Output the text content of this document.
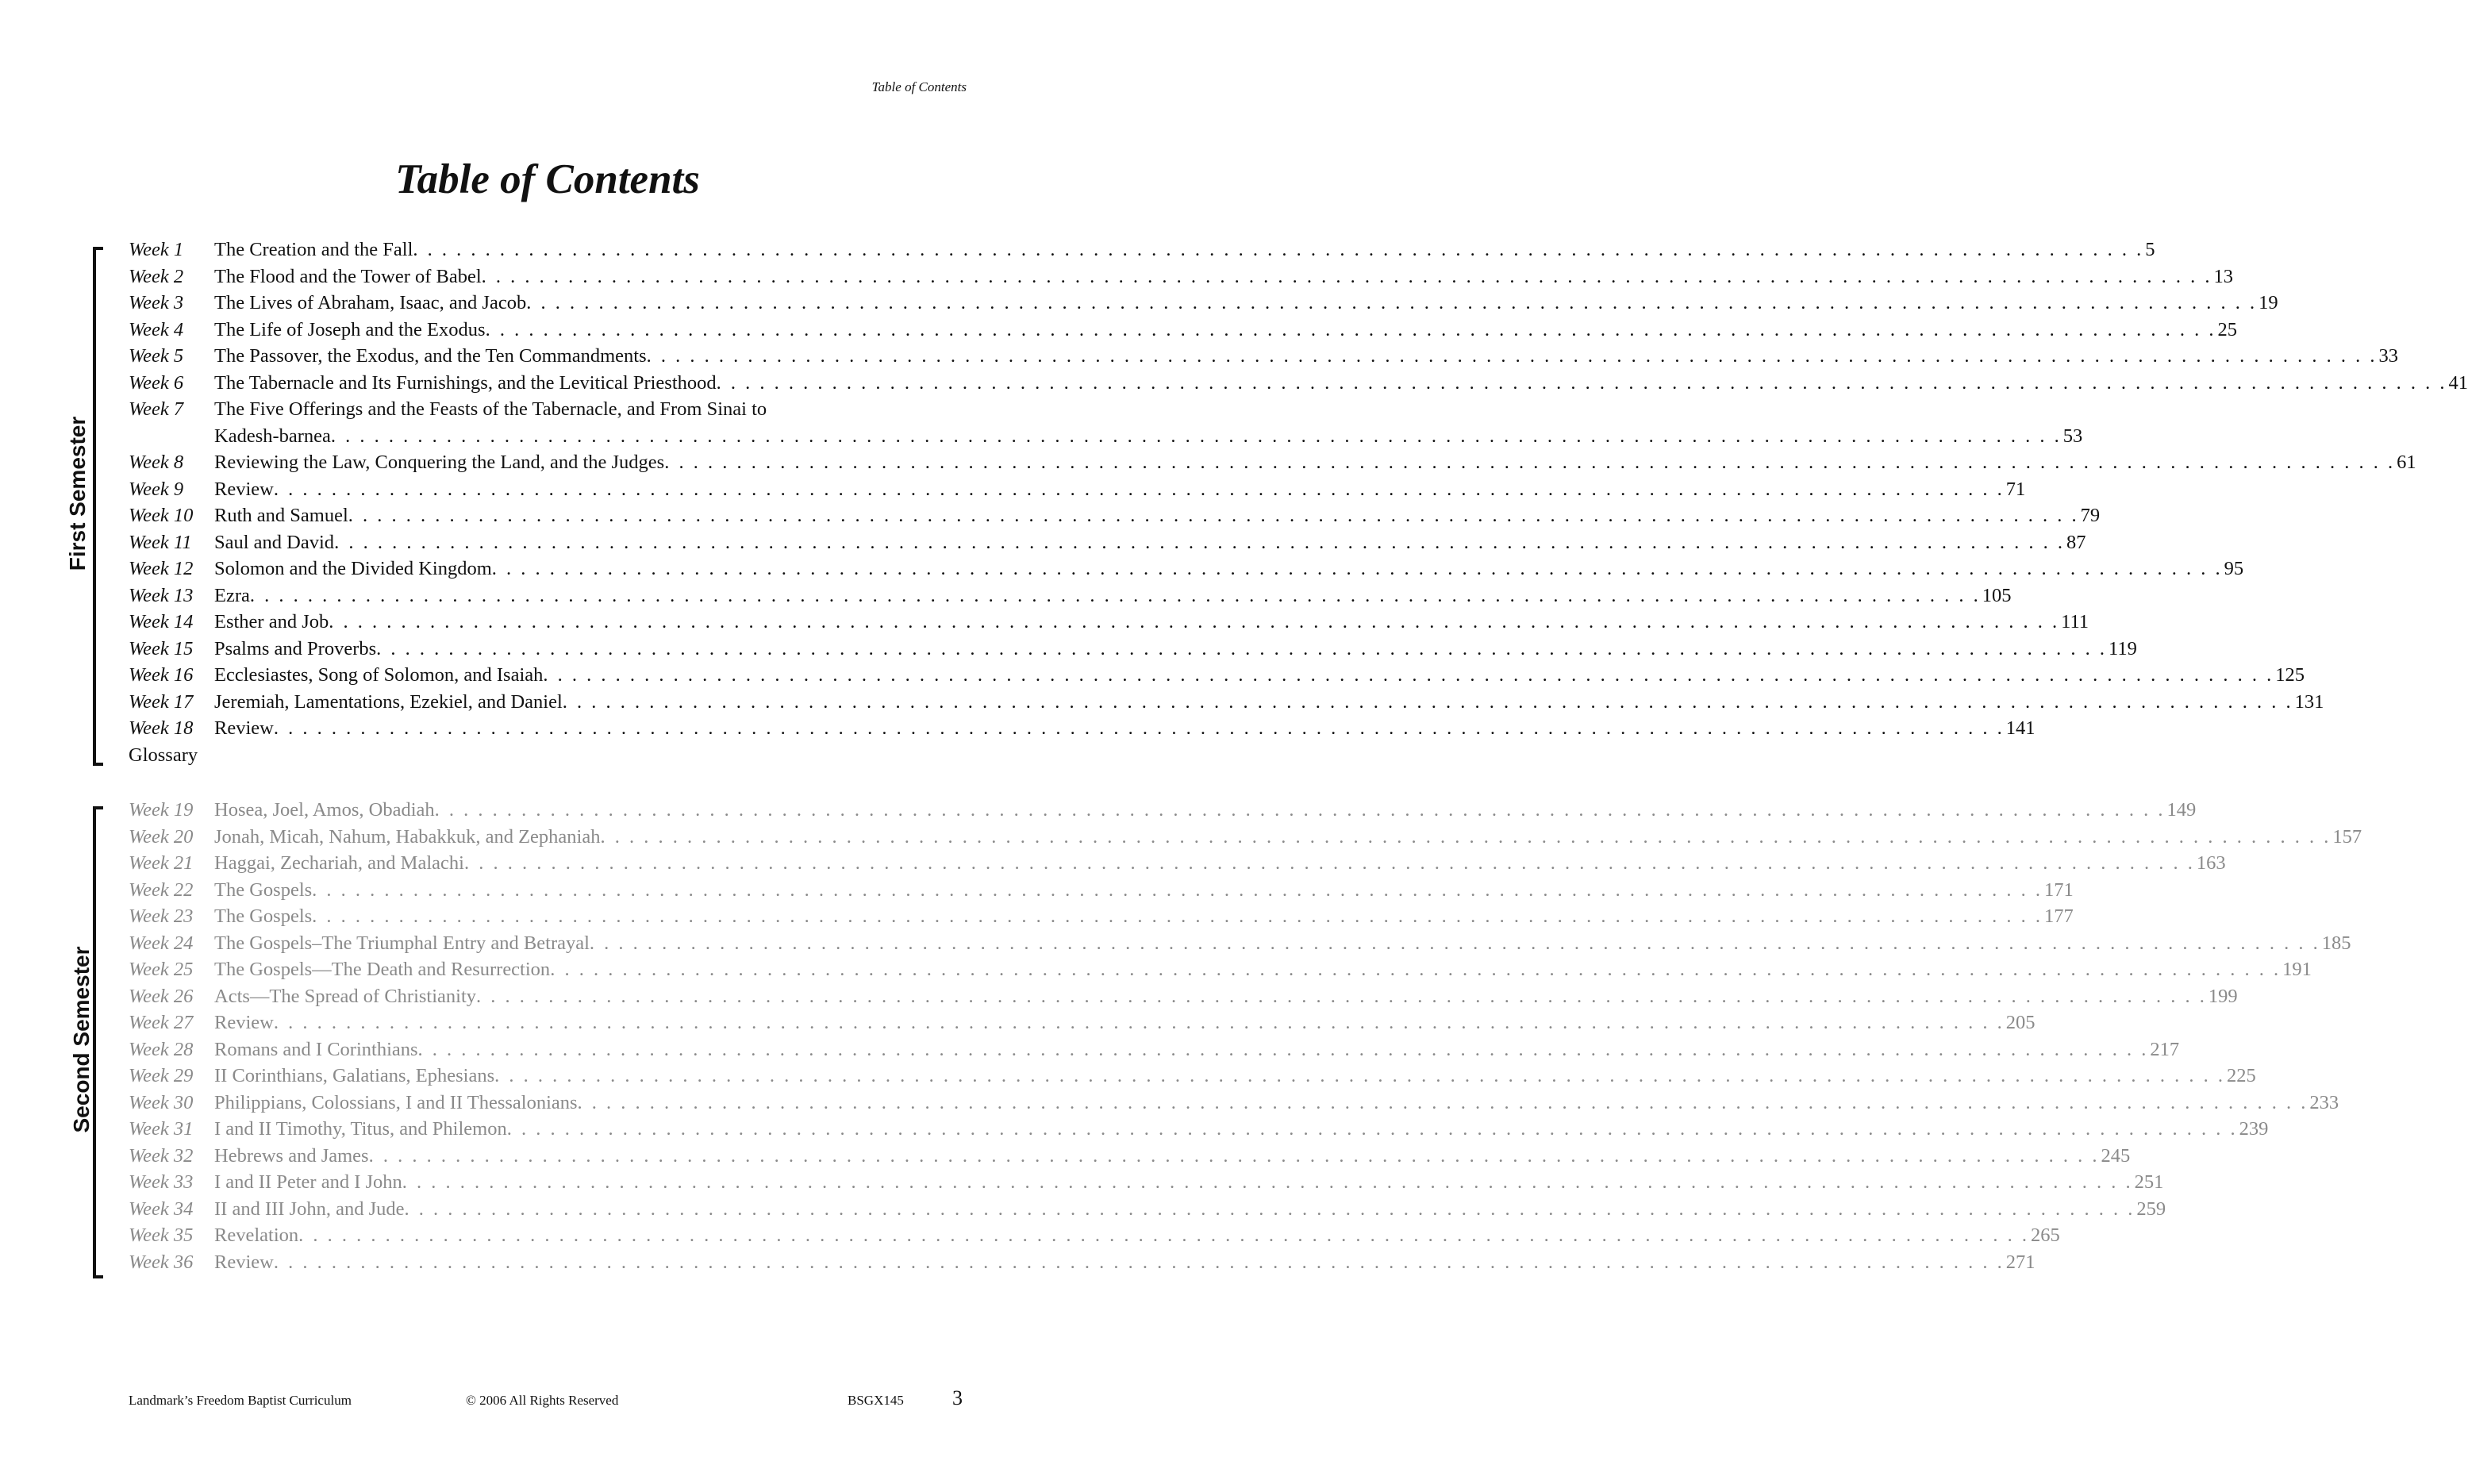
Table of Contents
Table of Contents
First Semester
Week 1 The Creation and the Fall . . . . . . . . . . . . . . . . . . . . . . . . . . . . . . . . . . . . . . . . . . . . . . . . . . . . . . . . . . . . . . . . . . . . . . . . . . . . . . . . . . . . . . . . . . . . . . . . . . . . . . . . . . . . . . . . . . . . . . . . 5
Week 2 The Flood and the Tower of Babel . . . . . . . . . . . . . . . . . . . . . . . . . . . . . . . . . . . . . . . . . . . . . . . . . . . . . . . . . . . . . . . . . . . . . . . . . . . . . . . . . . . . . . . . . . . . . . . . . . . . . . . . . . . . . . . . . . . . . . . . 13
Week 3 The Lives of Abraham, Isaac, and Jacob . . . . . . . . . . . . . . . . . . . . . . . . . . . . . . . . . . . . . . . . . . . . . . . . . . . . . . . . . . . . . . . . . . . . . . . . . . . . . . . . . . . . . . . . . . . . . . . . . . . . . . . . . . . . . . . . . . . . . . . . 19
Week 4 The Life of Joseph and the Exodus . . . . . . . . . . . . . . . . . . . . . . . . . . . . . . . . . . . . . . . . . . . . . . . . . . . . . . . . . . . . . . . . . . . . . . . . . . . . . . . . . . . . . . . . . . . . . . . . . . . . . . . . . . . . . . . . . . . . . . . . 25
Week 5 The Passover, the Exodus, and the Ten Commandments . . . . . . . . . . . . . . . . . . . . . . . . . . . . . . . . . . . . . . . . . . . . . . . . . . . . . . . . . . . . . . . . . . . . . . . . . . . . . . . . . . . . . . . . . . . . . . . . . . . . . . . . . . . . . . . . . . . . . . . . 33
Week 6 The Tabernacle and Its Furnishings, and the Levitical Priesthood . . . . . . . . . . . . . . . . . . . . . . . . . . . . . . . . . . . . . . . . . . . . . . . . . . . . . . . . . . . . . . . . . . . . . . . . . . . . . . . . . . . . . . . . . . . . . . . . . . . . . . . . . . . . . . . . . . . . . . . . 41
Week 7 The Five Offerings and the Feasts of the Tabernacle, and From Sinai to
Kadesh-barnea . . . . . . . . . . . . . . . . . . . . . . . . . . . . . . . . . . . . . . . . . . . . . . . . . . . . . . . . . . . . . . . . . . . . . . . . . . . . . . . . . . . . . . . . . . . . . . . . . . . . . . . . . . . . . . . . . . . . . . . . 53
Week 8 Reviewing the Law, Conquering the Land, and the Judges . . . . . . . . . . . . . . . . . . . . . . . . . . . . . . . . . . . . . . . . . . . . . . . . . . . . . . . . . . . . . . . . . . . . . . . . . . . . . . . . . . . . . . . . . . . . . . . . . . . . . . . . . . . . . . . . . . . . . . . . 61
Week 9 Review . . . . . . . . . . . . . . . . . . . . . . . . . . . . . . . . . . . . . . . . . . . . . . . . . . . . . . . . . . . . . . . . . . . . . . . . . . . . . . . . . . . . . . . . . . . . . . . . . . . . . . . . . . . . . . . . . . . . . . . . 71
Week 10 Ruth and Samuel . . . . . . . . . . . . . . . . . . . . . . . . . . . . . . . . . . . . . . . . . . . . . . . . . . . . . . . . . . . . . . . . . . . . . . . . . . . . . . . . . . . . . . . . . . . . . . . . . . . . . . . . . . . . . . . . . . . . . . . . 79
Week 11 Saul and David . . . . . . . . . . . . . . . . . . . . . . . . . . . . . . . . . . . . . . . . . . . . . . . . . . . . . . . . . . . . . . . . . . . . . . . . . . . . . . . . . . . . . . . . . . . . . . . . . . . . . . . . . . . . . . . . . . . . . . . . 87
Week 12 Solomon and the Divided Kingdom . . . . . . . . . . . . . . . . . . . . . . . . . . . . . . . . . . . . . . . . . . . . . . . . . . . . . . . . . . . . . . . . . . . . . . . . . . . . . . . . . . . . . . . . . . . . . . . . . . . . . . . . . . . . . . . . . . . . . . . . 95
Week 13 Ezra . . . . . . . . . . . . . . . . . . . . . . . . . . . . . . . . . . . . . . . . . . . . . . . . . . . . . . . . . . . . . . . . . . . . . . . . . . . . . . . . . . . . . . . . . . . . . . . . . . . . . . . . . . . . . . . . . . . . . . . . 105
Week 14 Esther and Job . . . . . . . . . . . . . . . . . . . . . . . . . . . . . . . . . . . . . . . . . . . . . . . . . . . . . . . . . . . . . . . . . . . . . . . . . . . . . . . . . . . . . . . . . . . . . . . . . . . . . . . . . . . . . . . . . . . . . . . . 111
Week 15 Psalms and Proverbs . . . . . . . . . . . . . . . . . . . . . . . . . . . . . . . . . . . . . . . . . . . . . . . . . . . . . . . . . . . . . . . . . . . . . . . . . . . . . . . . . . . . . . . . . . . . . . . . . . . . . . . . . . . . . . . . . . . . . . . . 119
Week 16 Ecclesiastes, Song of Solomon, and Isaiah . . . . . . . . . . . . . . . . . . . . . . . . . . . . . . . . . . . . . . . . . . . . . . . . . . . . . . . . . . . . . . . . . . . . . . . . . . . . . . . . . . . . . . . . . . . . . . . . . . . . . . . . . . . . . . . . . . . . . . . . 125
Week 17 Jeremiah, Lamentations, Ezekiel, and Daniel . . . . . . . . . . . . . . . . . . . . . . . . . . . . . . . . . . . . . . . . . . . . . . . . . . . . . . . . . . . . . . . . . . . . . . . . . . . . . . . . . . . . . . . . . . . . . . . . . . . . . . . . . . . . . . . . . . . . . . . . 131
Week 18 Review . . . . . . . . . . . . . . . . . . . . . . . . . . . . . . . . . . . . . . . . . . . . . . . . . . . . . . . . . . . . . . . . . . . . . . . . . . . . . . . . . . . . . . . . . . . . . . . . . . . . . . . . . . . . . . . . . . . . . . . . 141
Glossary
Second Semester
Week 19 Hosea, Joel, Amos, Obadiah . . . . . . . . . . . . . . . . . . . . . . . . . . . . . . . . . . . . . . . . . . . . . . . . . . . . . . . . . . . . . . . . . . . . . . . . . . . . . . . . . . . . . . . . . . . . . . . . . . . . . . . . . . . . . . . . . . . . . . . . 149
Week 20 Jonah, Micah, Nahum, Habakkuk, and Zephaniah . . . . . . . . . . . . . . . . . . . . . . . . . . . . . . . . . . . . . . . . . . . . . . . . . . . . . . . . . . . . . . . . . . . . . . . . . . . . . . . . . . . . . . . . . . . . . . . . . . . . . . . . . . . . . . . . . . . . . . . . 157
Week 21 Haggai, Zechariah, and Malachi . . . . . . . . . . . . . . . . . . . . . . . . . . . . . . . . . . . . . . . . . . . . . . . . . . . . . . . . . . . . . . . . . . . . . . . . . . . . . . . . . . . . . . . . . . . . . . . . . . . . . . . . . . . . . . . . . . . . . . . . 163
Week 22 The Gospels . . . . . . . . . . . . . . . . . . . . . . . . . . . . . . . . . . . . . . . . . . . . . . . . . . . . . . . . . . . . . . . . . . . . . . . . . . . . . . . . . . . . . . . . . . . . . . . . . . . . . . . . . . . . . . . . . . . . . . . . 171
Week 23 The Gospels . . . . . . . . . . . . . . . . . . . . . . . . . . . . . . . . . . . . . . . . . . . . . . . . . . . . . . . . . . . . . . . . . . . . . . . . . . . . . . . . . . . . . . . . . . . . . . . . . . . . . . . . . . . . . . . . . . . . . . . . 177
Week 24 The Gospels–The Triumphal Entry and Betrayal . . . . . . . . . . . . . . . . . . . . . . . . . . . . . . . . . . . . . . . . . . . . . . . . . . . . . . . . . . . . . . . . . . . . . . . . . . . . . . . . . . . . . . . . . . . . . . . . . . . . . . . . . . . . . . . . . . . . . . . . 185
Week 25 The Gospels—The Death and Resurrection . . . . . . . . . . . . . . . . . . . . . . . . . . . . . . . . . . . . . . . . . . . . . . . . . . . . . . . . . . . . . . . . . . . . . . . . . . . . . . . . . . . . . . . . . . . . . . . . . . . . . . . . . . . . . . . . . . . . . . . . 191
Week 26 Acts—The Spread of Christianity . . . . . . . . . . . . . . . . . . . . . . . . . . . . . . . . . . . . . . . . . . . . . . . . . . . . . . . . . . . . . . . . . . . . . . . . . . . . . . . . . . . . . . . . . . . . . . . . . . . . . . . . . . . . . . . . . . . . . . . . 199
Week 27 Review . . . . . . . . . . . . . . . . . . . . . . . . . . . . . . . . . . . . . . . . . . . . . . . . . . . . . . . . . . . . . . . . . . . . . . . . . . . . . . . . . . . . . . . . . . . . . . . . . . . . . . . . . . . . . . . . . . . . . . . . 205
Week 28 Romans and I Corinthians . . . . . . . . . . . . . . . . . . . . . . . . . . . . . . . . . . . . . . . . . . . . . . . . . . . . . . . . . . . . . . . . . . . . . . . . . . . . . . . . . . . . . . . . . . . . . . . . . . . . . . . . . . . . . . . . . . . . . . . . 217
Week 29 II Corinthians, Galatians, Ephesians . . . . . . . . . . . . . . . . . . . . . . . . . . . . . . . . . . . . . . . . . . . . . . . . . . . . . . . . . . . . . . . . . . . . . . . . . . . . . . . . . . . . . . . . . . . . . . . . . . . . . . . . . . . . . . . . . . . . . . . . 225
Week 30 Philippians, Colossians, I and II Thessalonians . . . . . . . . . . . . . . . . . . . . . . . . . . . . . . . . . . . . . . . . . . . . . . . . . . . . . . . . . . . . . . . . . . . . . . . . . . . . . . . . . . . . . . . . . . . . . . . . . . . . . . . . . . . . . . . . . . . . . . . . 233
Week 31 I and II Timothy, Titus, and Philemon . . . . . . . . . . . . . . . . . . . . . . . . . . . . . . . . . . . . . . . . . . . . . . . . . . . . . . . . . . . . . . . . . . . . . . . . . . . . . . . . . . . . . . . . . . . . . . . . . . . . . . . . . . . . . . . . . . . . . . . . 239
Week 32 Hebrews and James . . . . . . . . . . . . . . . . . . . . . . . . . . . . . . . . . . . . . . . . . . . . . . . . . . . . . . . . . . . . . . . . . . . . . . . . . . . . . . . . . . . . . . . . . . . . . . . . . . . . . . . . . . . . . . . . . . . . . . . . 245
Week 33 I and II Peter and I John . . . . . . . . . . . . . . . . . . . . . . . . . . . . . . . . . . . . . . . . . . . . . . . . . . . . . . . . . . . . . . . . . . . . . . . . . . . . . . . . . . . . . . . . . . . . . . . . . . . . . . . . . . . . . . . . . . . . . . . . 251
Week 34 II and III John, and Jude . . . . . . . . . . . . . . . . . . . . . . . . . . . . . . . . . . . . . . . . . . . . . . . . . . . . . . . . . . . . . . . . . . . . . . . . . . . . . . . . . . . . . . . . . . . . . . . . . . . . . . . . . . . . . . . . . . . . . . . . 259
Week 35 Revelation . . . . . . . . . . . . . . . . . . . . . . . . . . . . . . . . . . . . . . . . . . . . . . . . . . . . . . . . . . . . . . . . . . . . . . . . . . . . . . . . . . . . . . . . . . . . . . . . . . . . . . . . . . . . . . . . . . . . . . . . 265
Week 36 Review . . . . . . . . . . . . . . . . . . . . . . . . . . . . . . . . . . . . . . . . . . . . . . . . . . . . . . . . . . . . . . . . . . . . . . . . . . . . . . . . . . . . . . . . . . . . . . . . . . . . . . . . . . . . . . . . . . . . . . . . 271
Landmark’s Freedom Baptist Curriculum	© 2006 All Rights Reserved	BSGX145 3
